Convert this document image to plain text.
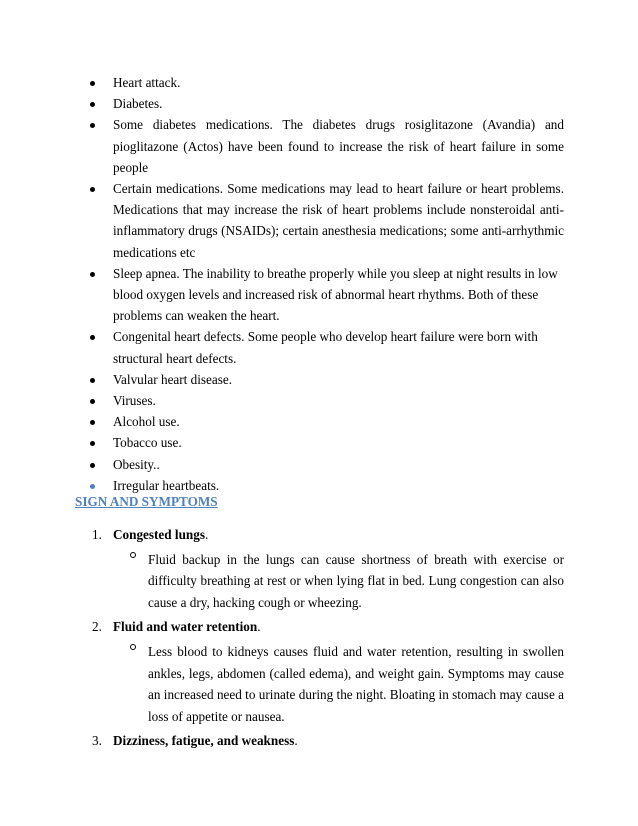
Heart attack.
Diabetes.
Some diabetes medications. The diabetes drugs rosiglitazone (Avandia) and pioglitazone (Actos) have been found to increase the risk of heart failure in some people
Certain medications. Some medications may lead to heart failure or heart problems. Medications that may increase the risk of heart problems include nonsteroidal anti-inflammatory drugs (NSAIDs); certain anesthesia medications; some anti-arrhythmic medications etc
Sleep apnea. The inability to breathe properly while you sleep at night results in low blood oxygen levels and increased risk of abnormal heart rhythms. Both of these problems can weaken the heart.
Congenital heart defects. Some people who develop heart failure were born with structural heart defects.
Valvular heart disease.
Viruses.
Alcohol use.
Tobacco use.
Obesity..
Irregular heartbeats.
SIGN AND SYMPTOMS
1. Congested lungs.
Fluid backup in the lungs can cause shortness of breath with exercise or difficulty breathing at rest or when lying flat in bed. Lung congestion can also cause a dry, hacking cough or wheezing.
2. Fluid and water retention.
Less blood to kidneys causes fluid and water retention, resulting in swollen ankles, legs, abdomen (called edema), and weight gain. Symptoms may cause an increased need to urinate during the night. Bloating in stomach may cause a loss of appetite or nausea.
3. Dizziness, fatigue, and weakness.
